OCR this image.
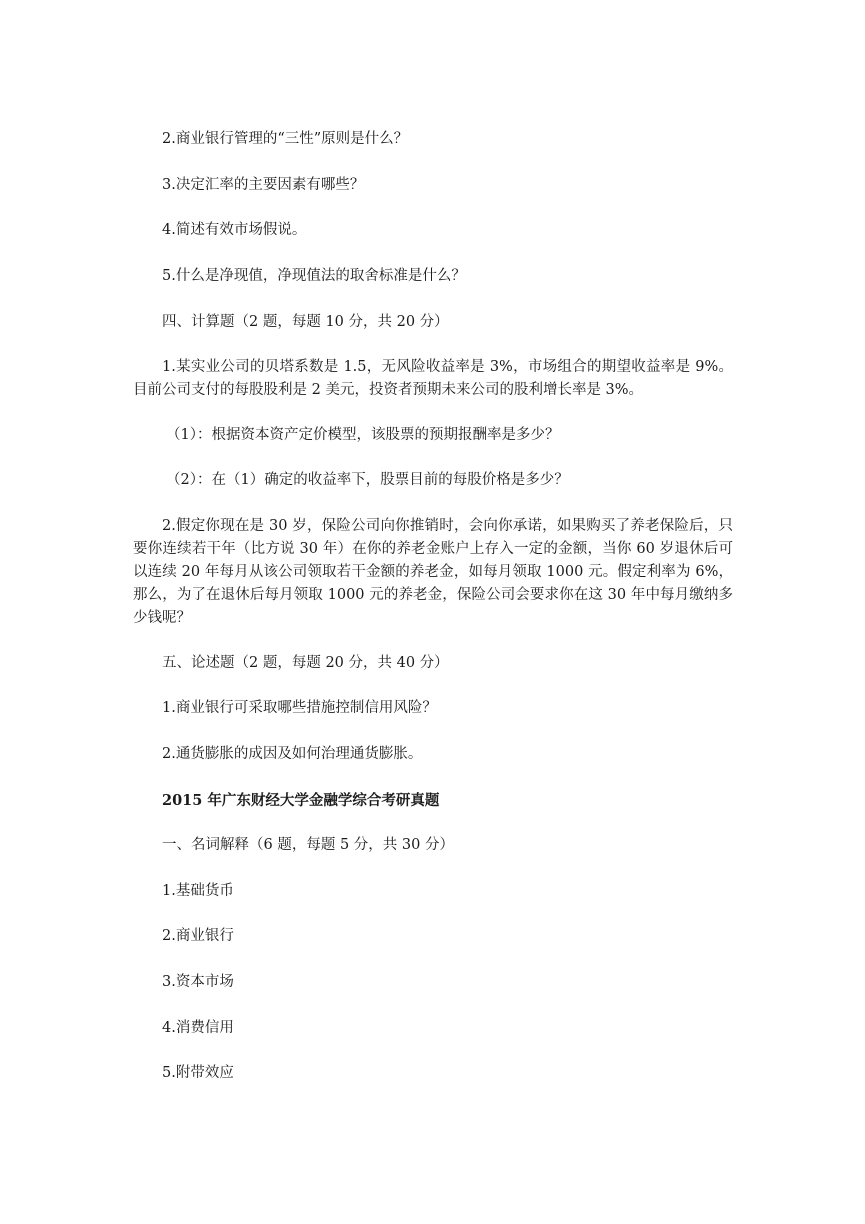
2.商业银行管理的“三性”原则是什么？

3.决定汇率的主要因素有哪些？

4.简述有效市场假说。

5.什么是净现值，净现值法的取舍标准是什么？

四、计算题（2 题，每题 10 分，共 20 分）

1.某实业公司的贝塔系数是 1.5，无风险收益率是 3%，市场组合的期望收益率是 9%。目前公司支付的每股股利是 2 美元，投资者预期未来公司的股利增长率是 3%。

（1）：根据资本资产定价模型，该股票的预期报酬率是多少？

（2）：在（1）确定的收益率下，股票目前的每股价格是多少？

2.假定你现在是 30 岁，保险公司向你推销时，会向你承诺，如果购买了养老保险后，只要你连续若干年（比方说 30 年）在你的养老金账户上存入一定的金额，当你 60 岁退休后可以连续 20 年每月从该公司领取若干金额的养老金，如每月领取 1000 元。假定利率为 6%，那么，为了在退休后每月领取 1000 元的养老金，保险公司会要求你在这 30 年中每月缴纳多少钱呢？

五、论述题（2 题，每题 20 分，共 40 分）

1.商业银行可采取哪些措施控制信用风险？

2.通货膨胀的成因及如何治理通货膨胀。

2015 年广东财经大学金融学综合考研真题

一、名词解释（6 题，每题 5 分，共 30 分）

1.基础货币

2.商业银行

3.资本市场

4.消费信用

5.附带效应
